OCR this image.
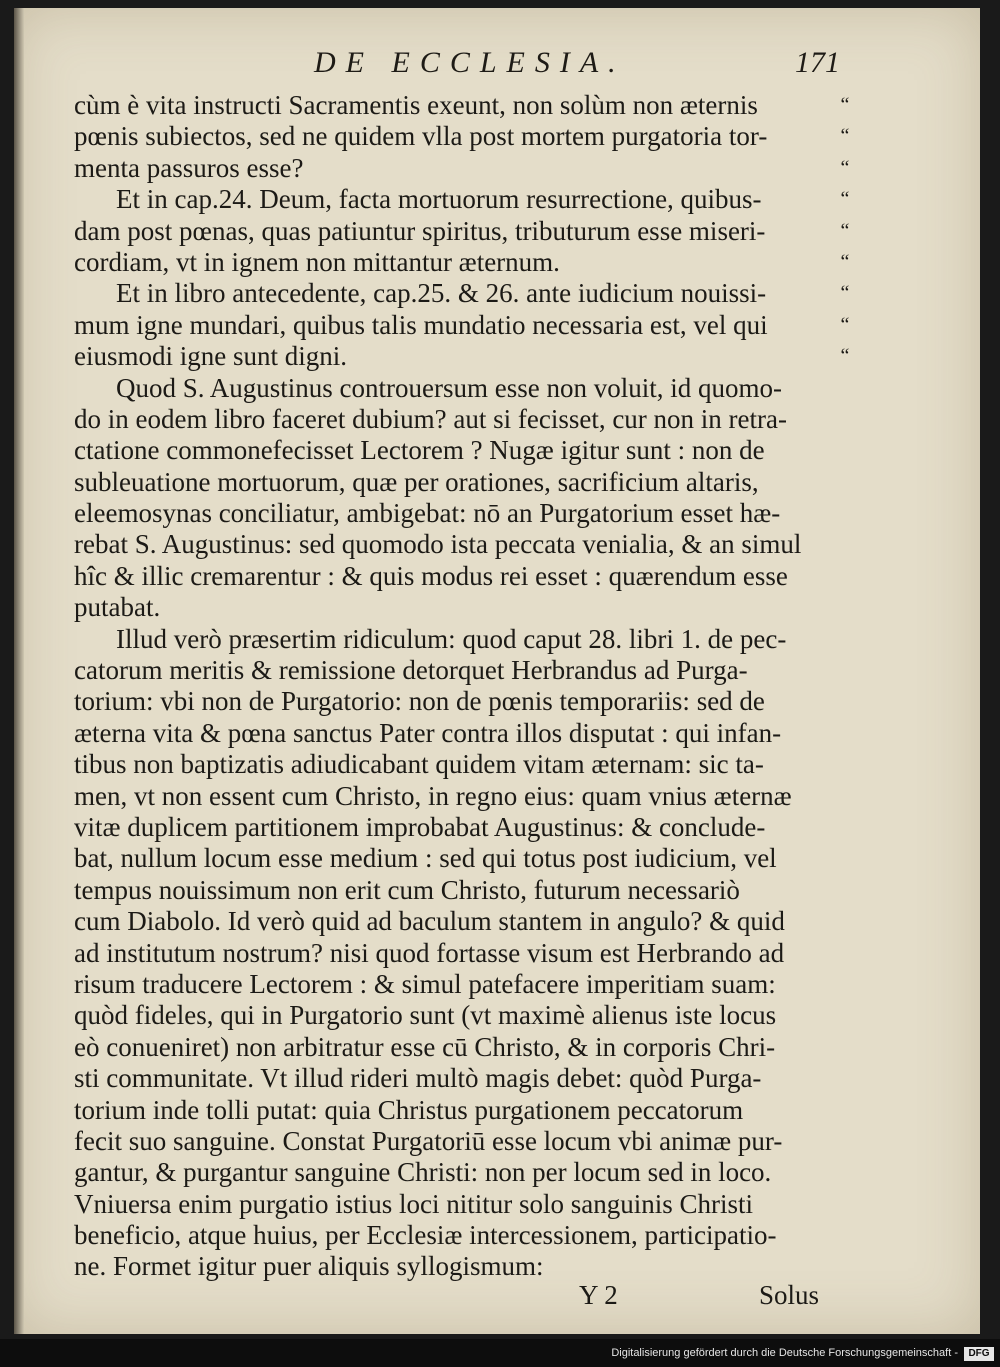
DE ECCLESIA.	171
cùm è vita instructi Sacramentis exeunt, non solùm non æternis
pœnis subiectos, sed ne quidem vlla post mortem purgatoria tor-
menta passuros esse?
Et in cap.24. Deum, facta mortuorum resurrectione, quibus-
dam post pœnas, quas patiuntur spiritus, tributurum esse miseri-
cordiam, vt in ignem non mittantur æternum.
Et in libro antecedente, cap.25. & 26. ante iudicium nouissi-
mum igne mundari, quibus talis mundatio necessaria est, vel qui
eiusmodi igne sunt digni.
Quod S. Augustinus controuersum esse non voluit, id quomo-
do in eodem libro faceret dubium? aut si fecisset, cur non in retra-
ctatione commonefecisset Lectorem ? Nugæ igitur sunt : non de
subleuatione mortuorum, quæ per orationes, sacrificium altaris,
eleemosynas conciliatur, ambigebat: nō an Purgatorium esset hæ-
rebat S. Augustinus: sed quomodo ista peccata venialia, & an simul
hîc & illic cremarentur : & quis modus rei esset : quærendum esse
putabat.
Illud verò præsertim ridiculum: quod caput 28. libri 1. de pec-
catorum meritis & remissione detorquet Herbrandus ad Purga-
torium: vbi non de Purgatorio: non de pœnis temporariis: sed de
æterna vita & pœna sanctus Pater contra illos disputat : qui infan-
tibus non baptizatis adiudicabant quidem vitam æternam: sic ta-
men, vt non essent cum Christo, in regno eius: quam vnius æternæ
vitæ duplicem partitionem improbabat Augustinus: & conclude-
bat, nullum locum esse medium : sed qui totus post iudicium, vel
tempus nouissimum non erit cum Christo, futurum necessariò
cum Diabolo. Id verò quid ad baculum stantem in angulo? & quid
ad institutum nostrum? nisi quod fortasse visum est Herbrando ad
risum traducere Lectorem : & simul patefacere imperitiam suam:
quòd fideles, qui in Purgatorio sunt (vt maximè alienus iste locus
eò conueniret) non arbitratur esse cū Christo, & in corporis Chri-
sti communitate. Vt illud rideri multò magis debet: quòd Purga-
torium inde tolli putat: quia Christus purgationem peccatorum
fecit suo sanguine. Constat Purgatoriū esse locum vbi animæ pur-
gantur, & purgantur sanguine Christi: non per locum sed in loco.
Vniuersa enim purgatio istius loci nititur solo sanguinis Christi
beneficio, atque huius, per Ecclesiæ intercessionem, participatio-
ne. Formet igitur puer aliquis syllogismum:
“
“
“
“
“
“
“
“
“
Y 2	Solus
Digitalisierung gefördert durch die Deutsche Forschungsgemeinschaft -	DFG
